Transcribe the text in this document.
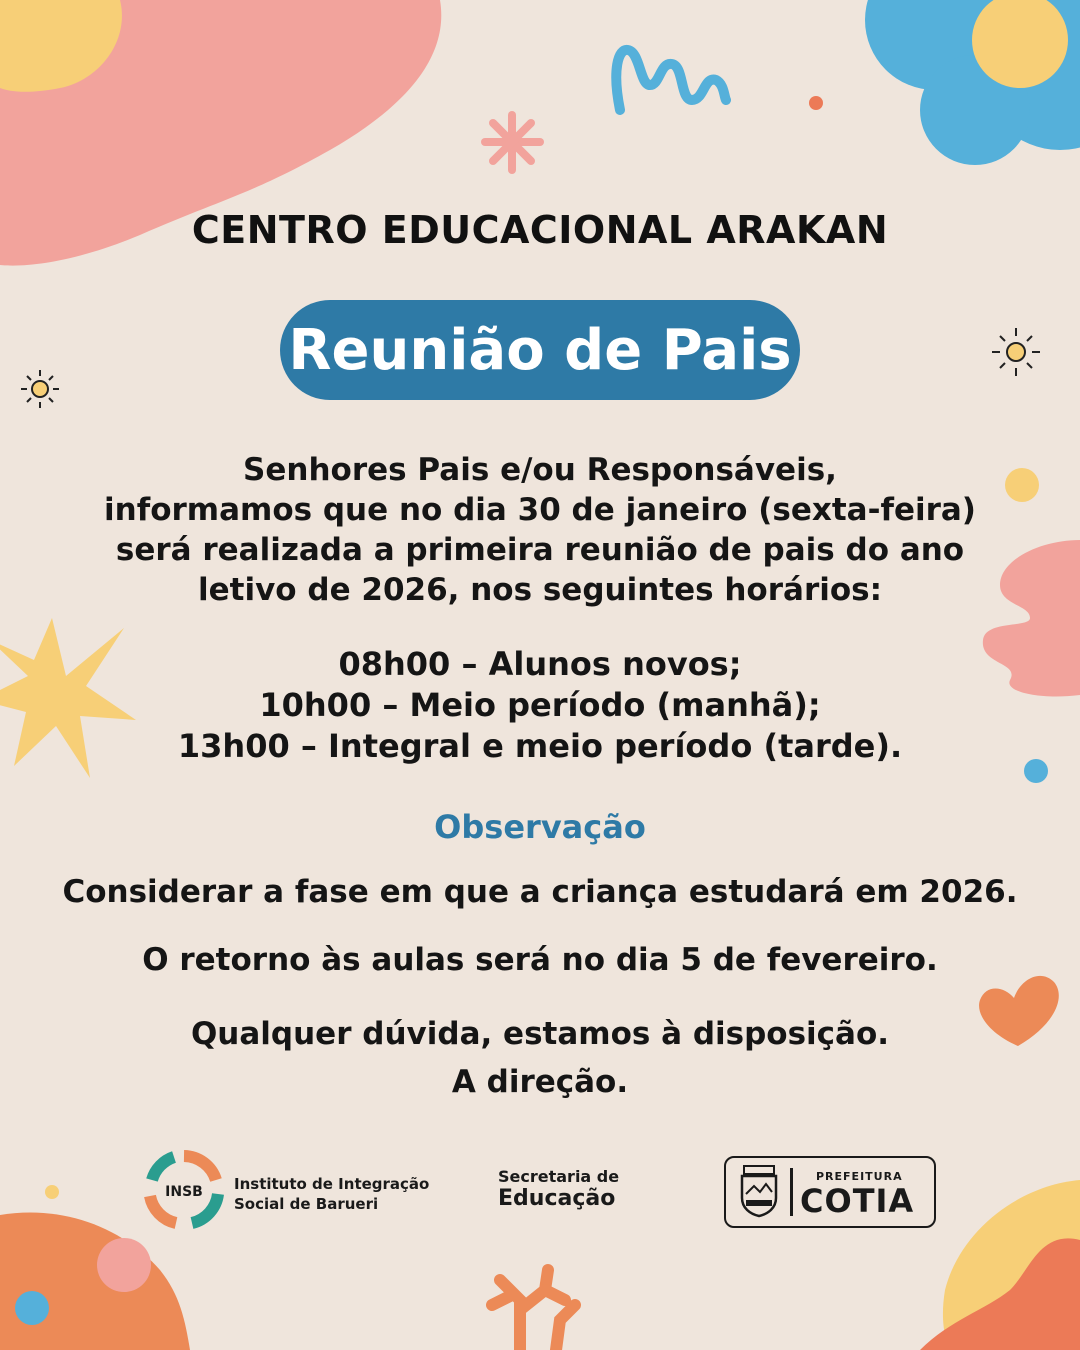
CENTRO EDUCACIONAL ARAKAN
Reunião de Pais
Senhores Pais e/ou Responsáveis,
informamos que no dia 30 de janeiro (sexta-feira)
será realizada a primeira reunião de pais do ano
letivo de 2026, nos seguintes horários:
08h00 – Alunos novos;
10h00 – Meio período (manhã);
13h00 – Integral e meio período (tarde).
Observação
Considerar a fase em que a criança estudará em 2026.
O retorno às aulas será no dia 5 de fevereiro.
Qualquer dúvida, estamos à disposição.
A direção.
INSB Instituto de Integração
Social de Barueri
Secretaria de
Educação
PREFEITURA
COTIA
